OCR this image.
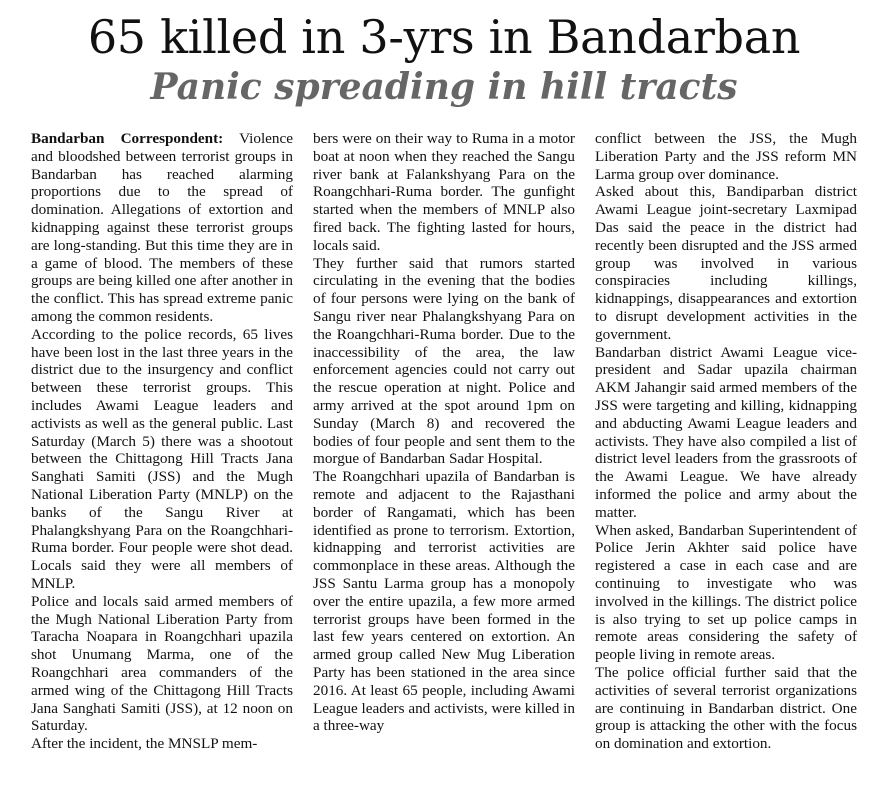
65 killed in 3-yrs in Bandarban
Panic spreading in hill tracts

Bandarban Correspondent: Violence and bloodshed between terrorist groups in Bandarban has reached alarming proportions due to the spread of domination. Allegations of extortion and kidnapping against these terrorist groups are long-standing. But this time they are in a game of blood. The members of these groups are being killed one after another in the conflict. This has spread extreme panic among the common residents.

According to the police records, 65 lives have been lost in the last three years in the district due to the insurgency and conflict between these terrorist groups. This includes Awami League leaders and activists as well as the general public. Last Saturday (March 5) there was a shootout between the Chittagong Hill Tracts Jana Sanghati Samiti (JSS) and the Mugh National Liberation Party (MNLP) on the banks of the Sangu River at Phalangkshyang Para on the Roangchhari-Ruma border. Four people were shot dead. Locals said they were all members of MNLP.

Police and locals said armed members of the Mugh National Liberation Party from Taracha Noapara in Roangchhari upazila shot Unumang Marma, one of the Roangchhari area commanders of the armed wing of the Chittagong Hill Tracts Jana Sanghati Samiti (JSS), at 12 noon on Saturday.

After the incident, the MNSLP mem-

bers were on their way to Ruma in a motor boat at noon when they reached the Sangu river bank at Falankshyang Para on the Roangchhari-Ruma border. The gunfight started when the members of MNLP also fired back. The fighting lasted for hours, locals said.

They further said that rumors started circulating in the evening that the bodies of four persons were lying on the bank of Sangu river near Phalangkshyang Para on the Roangchhari-Ruma border. Due to the inaccessibility of the area, the law enforcement agencies could not carry out the rescue operation at night. Police and army arrived at the spot around 1pm on Sunday (March 8) and recovered the bodies of four people and sent them to the morgue of Bandarban Sadar Hospital.

The Roangchhari upazila of Bandarban is remote and adjacent to the Rajasthani border of Rangamati, which has been identified as prone to terrorism. Extortion, kidnapping and terrorist activities are commonplace in these areas. Although the JSS Santu Larma group has a monopoly over the entire upazila, a few more armed terrorist groups have been formed in the last few years centered on extortion. An armed group called New Mug Liberation Party has been stationed in the area since 2016. At least 65 people, including Awami League leaders and activists, were killed in a three-way

conflict between the JSS, the Mugh Liberation Party and the JSS reform MN Larma group over dominance.

Asked about this, Bandiparban district Awami League joint-secretary Laxmipad Das said the peace in the district had recently been disrupted and the JSS armed group was involved in various conspiracies including killings, kidnappings, disappearances and extortion to disrupt development activities in the government.

Bandarban district Awami League vice-president and Sadar upazila chairman AKM Jahangir said armed members of the JSS were targeting and killing, kidnapping and abducting Awami League leaders and activists. They have also compiled a list of district level leaders from the grassroots of the Awami League. We have already informed the police and army about the matter.

When asked, Bandarban Superintendent of Police Jerin Akhter said police have registered a case in each case and are continuing to investigate who was involved in the killings. The district police is also trying to set up police camps in remote areas considering the safety of people living in remote areas.

The police official further said that the activities of several terrorist organizations are continuing in Bandarban district. One group is attacking the other with the focus on domination and extortion.
